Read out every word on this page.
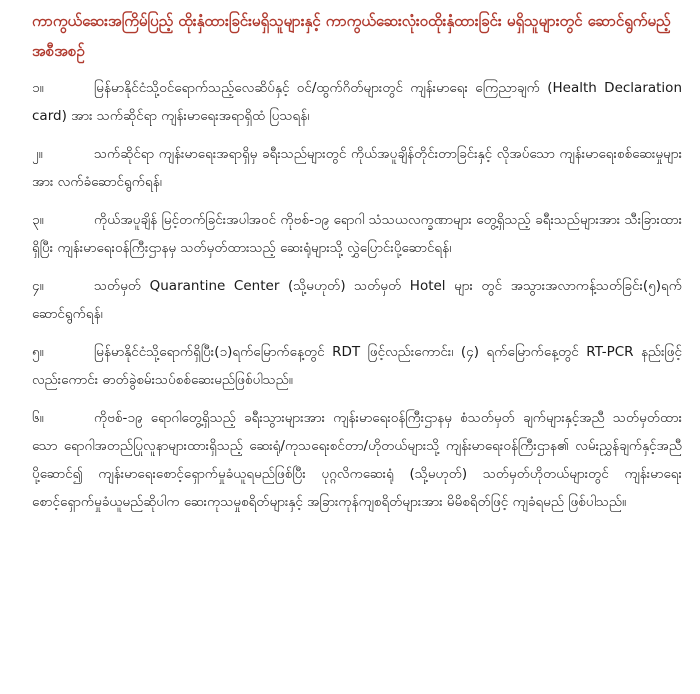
ကာကွယ်ဆေးအကြိမ်ပြည့် ထိုးနှံထားခြင်းမရှိသူများနှင့် ကာကွယ်ဆေးလုံးဝထိုးနှံထားခြင်း မရှိသူများတွင် ဆောင်ရွက်မည့်အစီအစဉ်
၁။	မြန်မာနိုင်ငံသို့ဝင်ရောက်သည့်လေဆိပ်နှင့် ဝင်/ထွက်ဂိတ်များတွင် ကျန်းမာရေး ကြေညာချက် (Health Declaration card) အား သက်ဆိုင်ရာ ကျန်းမာရေးအရာရှိထံ ပြသရန်၊
၂။	သက်ဆိုင်ရာ ကျန်းမာရေးအရာရှိမှ ခရီးသည်များတွင် ကိုယ်အပူချိန်တိုင်းတာခြင်းနှင့် လိုအပ်သော ကျန်းမာရေးစစ်ဆေးမှုများအား လက်ခံဆောင်ရွက်ရန်၊
၃။	ကိုယ်အပူချိန် မြင့်တက်ခြင်းအပါအဝင် ကိုဗစ်-၁၉ ရောဂါ သံသယလက္ခဏာများ တွေ့ရှိသည့် ခရီးသည်များအား သီးခြားထားရှိပြီး ကျန်းမာရေးဝန်ကြီးဌာနမှ သတ်မှတ်ထားသည့် ဆေးရုံများသို့ လွှဲပြောင်းပို့ဆောင်ရန်၊
၄။	သတ်မှတ် Quarantine Center (သို့မဟုတ်) သတ်မှတ် Hotel များ တွင် အသွားအလာကန့်သတ်ခြင်း(၅)ရက် ဆောင်ရွက်ရန်၊
၅။	မြန်မာနိုင်ငံသို့ရောက်ရှိပြီး(၁)ရက်မြောက်နေ့တွင် RDT ဖြင့်လည်းကောင်း၊ (၄) ရက်မြောက်နေ့တွင် RT-PCR နည်းဖြင့်လည်းကောင်း ဓာတ်ခွဲစမ်းသပ်စစ်ဆေးမည်ဖြစ်ပါသည်။
၆။	ကိုဗစ်-၁၉ ရောဂါတွေ့ရှိသည့် ခရီးသွားများအား ကျန်းမာရေးဝန်ကြီးဌာနမှ စံသတ်မှတ် ချက်များနှင့်အညီ သတ်မှတ်ထားသော ရောဂါအတည်ပြုလူနာများထားရှိသည့် ဆေးရုံ/ကုသရေးစင်တာ/ဟိုတယ်များသို့ ကျန်းမာရေးဝန်ကြီးဌာန၏ လမ်းညွှန်ချက်နှင့်အညီ ပို့ဆောင်၍ ကျန်းမာရေးစောင့်ရှောက်မှုခံယူရမည်ဖြစ်ပြီး ပုဂ္ဂလိကဆေးရုံ (သို့မဟုတ်) သတ်မှတ်ဟိုတယ်များတွင် ကျန်းမာရေးစောင့်ရှောက်မှုခံယူမည်ဆိုပါက ဆေးကုသမှုစရိတ်များနှင့် အခြားကုန်ကျစရိတ်များအား မိမိစရိတ်ဖြင့် ကျခံရမည် ဖြစ်ပါသည်။
